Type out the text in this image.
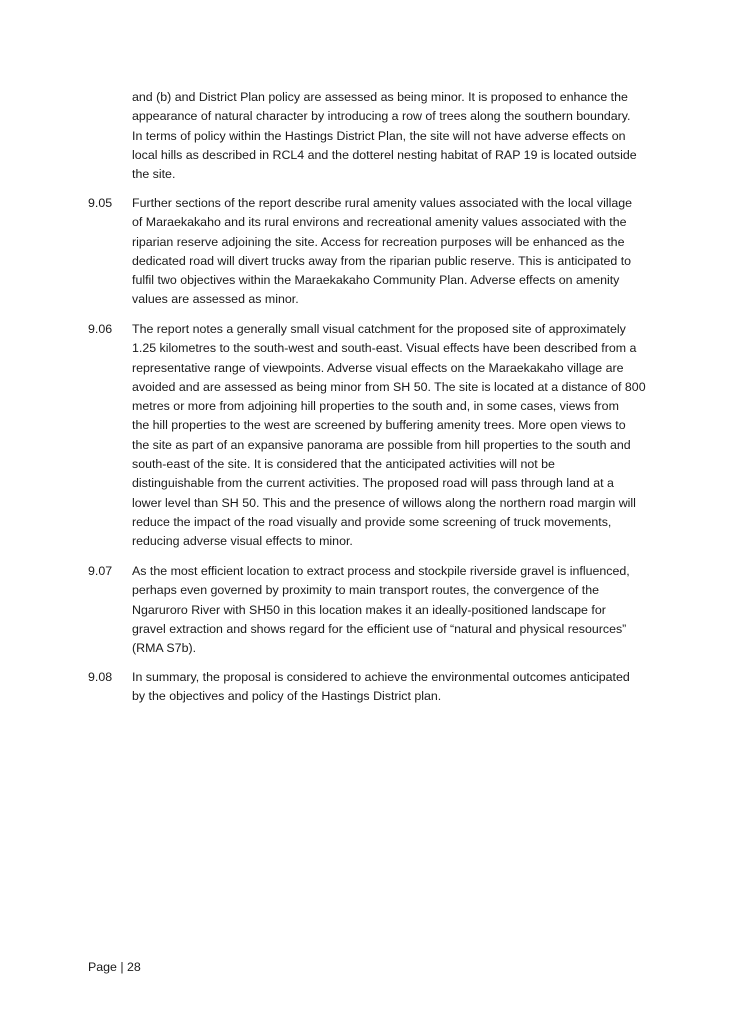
and (b) and District Plan policy are assessed as being minor. It is proposed to enhance the
appearance of natural character by introducing a row of trees along the southern boundary.
In terms of policy within the Hastings District Plan, the site will not have adverse effects on
local hills as described in RCL4 and the dotterel nesting habitat of RAP 19 is located outside
the site.
9.05	Further sections of the report describe rural amenity values associated with the local village
of Maraekakaho and its rural environs and recreational amenity values associated with the
riparian reserve adjoining the site. Access for recreation purposes will be enhanced as the
dedicated road will divert trucks away from the riparian public reserve. This is anticipated to
fulfil two objectives within the Maraekakaho Community Plan. Adverse effects on amenity
values are assessed as minor.
9.06	The report notes a generally small visual catchment for the proposed site of approximately
1.25 kilometres to the south-west and south-east. Visual effects have been described from a
representative range of viewpoints. Adverse visual effects on the Maraekakaho village are
avoided and are assessed as being minor from SH 50. The site is located at a distance of 800
metres or more from adjoining hill properties to the south and, in some cases, views from
the hill properties to the west are screened by buffering amenity trees. More open views to
the site as part of an expansive panorama are possible from hill properties to the south and
south-east of the site. It is considered that the anticipated activities will not be
distinguishable from the current activities. The proposed road will pass through land at a
lower level than SH 50. This and the presence of willows along the northern road margin will
reduce the impact of the road visually and provide some screening of truck movements,
reducing adverse visual effects to minor.
9.07	As the most efficient location to extract process and stockpile riverside gravel is influenced,
perhaps even governed by proximity to main transport routes, the convergence of the
Ngaruroro River with SH50 in this location makes it an ideally-positioned landscape for
gravel extraction and shows regard for the efficient use of “natural and physical resources”
(RMA S7b).
9.08	In summary, the proposal is considered to achieve the environmental outcomes anticipated
by the objectives and policy of the Hastings District plan.
Page | 28
